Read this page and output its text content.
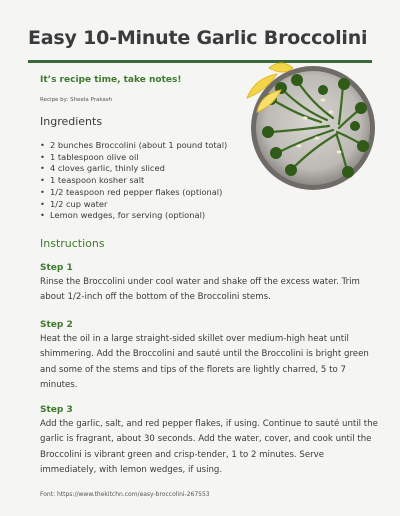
Easy 10-Minute Garlic Broccolini
It’s recipe time, take notes!
Recipe by: Sheela Prakash
Ingredients
• 2 bunches Broccolini (about 1 pound total)
• 1 tablespoon olive oil
• 4 cloves garlic, thinly sliced
• 1 teaspoon kosher salt
• 1/2 teaspoon red pepper flakes (optional)
• 1/2 cup water
• Lemon wedges, for serving (optional)
Instructions
Step 1
Rinse the Broccolini under cool water and shake off the excess water. Trim about 1/2-inch off the bottom of the Broccolini stems.
Step 2
Heat the oil in a large straight-sided skillet over medium-high heat until shimmering. Add the Broccolini and sauté until the Broccolini is bright green and some of the stems and tips of the florets are lightly charred, 5 to 7 minutes.
Step 3
Add the garlic, salt, and red pepper flakes, if using. Continue to sauté until the garlic is fragrant, about 30 seconds. Add the water, cover, and cook until the Broccolini is vibrant green and crisp-tender, 1 to 2 minutes. Serve immediately, with lemon wedges, if using.
Font: https://www.thekitchn.com/easy-broccolini-267553
